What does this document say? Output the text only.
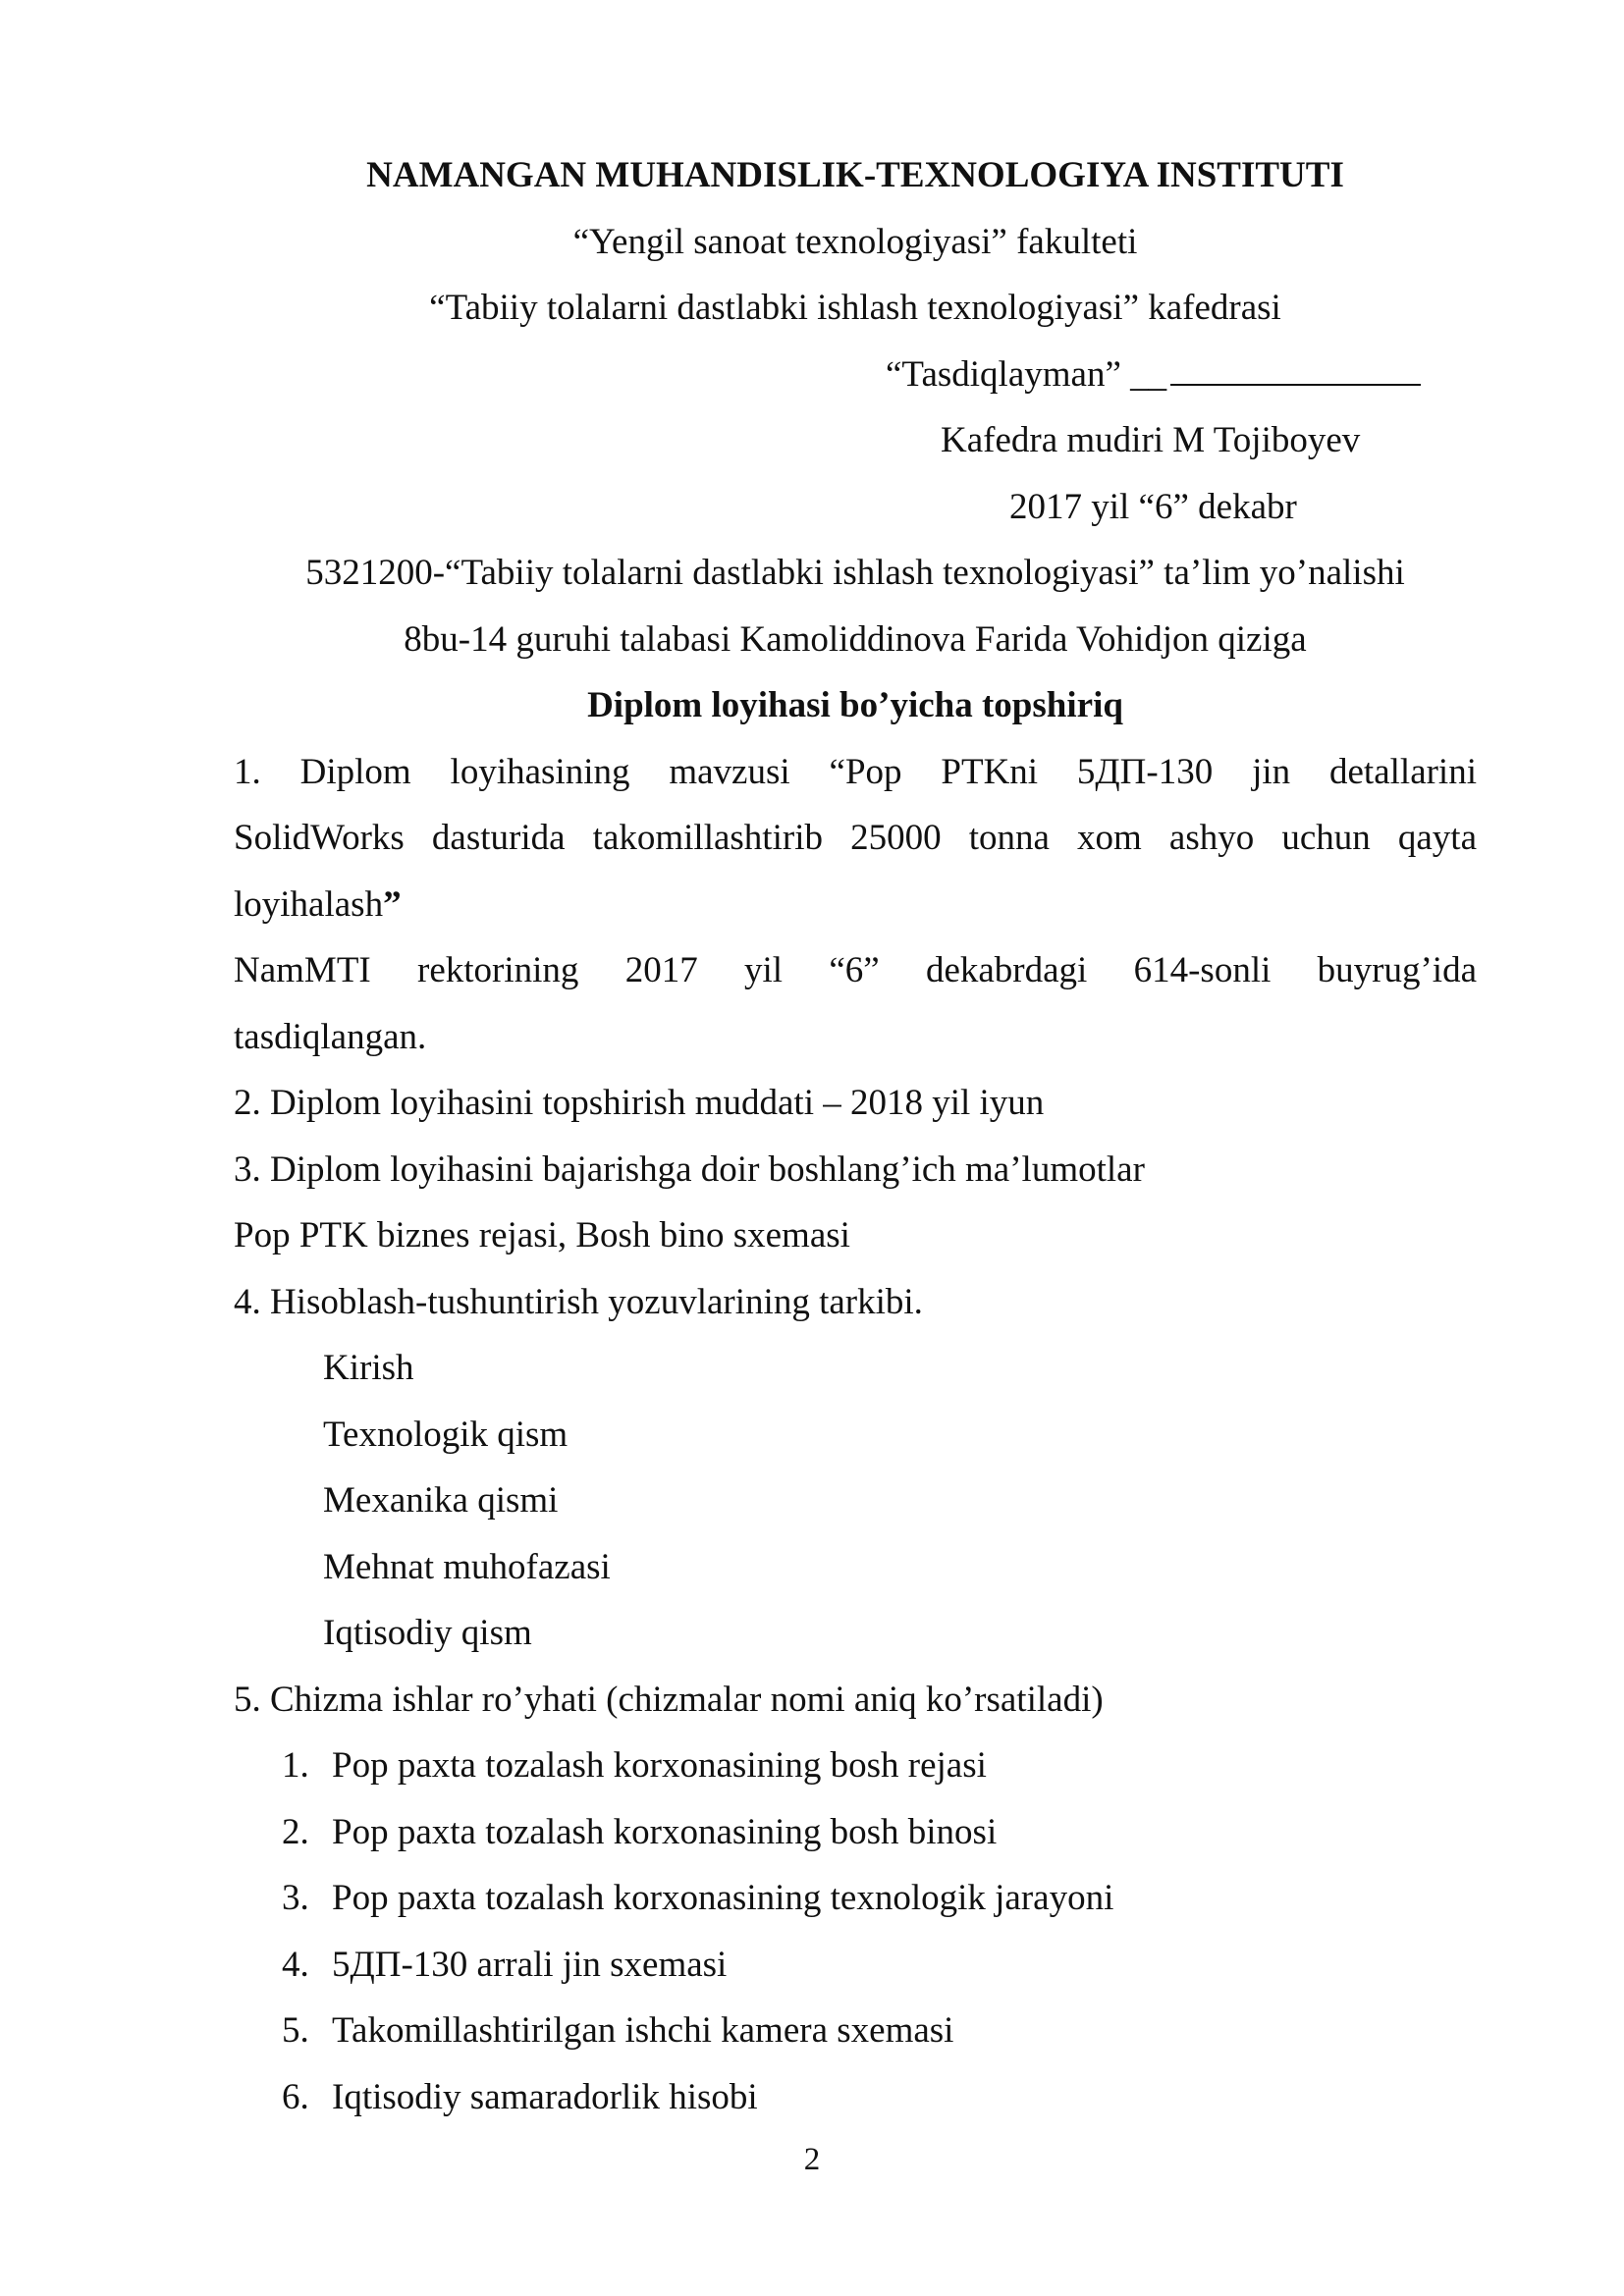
NAMANGAN MUHANDISLIK-TEXNOLOGIYA INSTITUTI
“Yengil sanoat texnologiyasi” fakulteti
“Tabiiy tolalarni dastlabki ishlash texnologiyasi” kafedrasi
“Tasdiqlayman” __
Kafedra mudiri M Tojiboyev
2017 yil “6” dekabr
5321200-“Tabiiy tolalarni dastlabki ishlash texnologiyasi” ta’lim yo’nalishi
8bu-14 guruhi talabasi Kamoliddinova Farida Vohidjon qiziga
Diplom loyihasi bo’yicha topshiriq
1. Diplom loyihasining mavzusi “Pop PTKni 5ДП-130 jin detallarini
SolidWorks dasturida takomillashtirib 25000 tonna xom ashyo uchun qayta
loyihalash”
NamMTI rektorining 2017 yil “6” dekabrdagi 614-sonli buyrug’ida
tasdiqlangan.
2. Diplom loyihasini topshirish muddati – 2018 yil iyun
3. Diplom loyihasini bajarishga doir boshlang’ich ma’lumotlar
Pop PTK biznes rejasi, Bosh bino sxemasi
4. Hisoblash-tushuntirish yozuvlarining tarkibi.
Kirish
Texnologik qism
Mexanika qismi
Mehnat muhofazasi
Iqtisodiy qism
5. Chizma ishlar ro’yhati (chizmalar nomi aniq ko’rsatiladi)
1. Pop paxta tozalash korxonasining bosh rejasi
2. Pop paxta tozalash korxonasining bosh binosi
3. Pop paxta tozalash korxonasining texnologik jarayoni
4. 5ДП-130 arrali jin sxemasi
5. Takomillashtirilgan ishchi kamera sxemasi
6. Iqtisodiy samaradorlik hisobi
2
